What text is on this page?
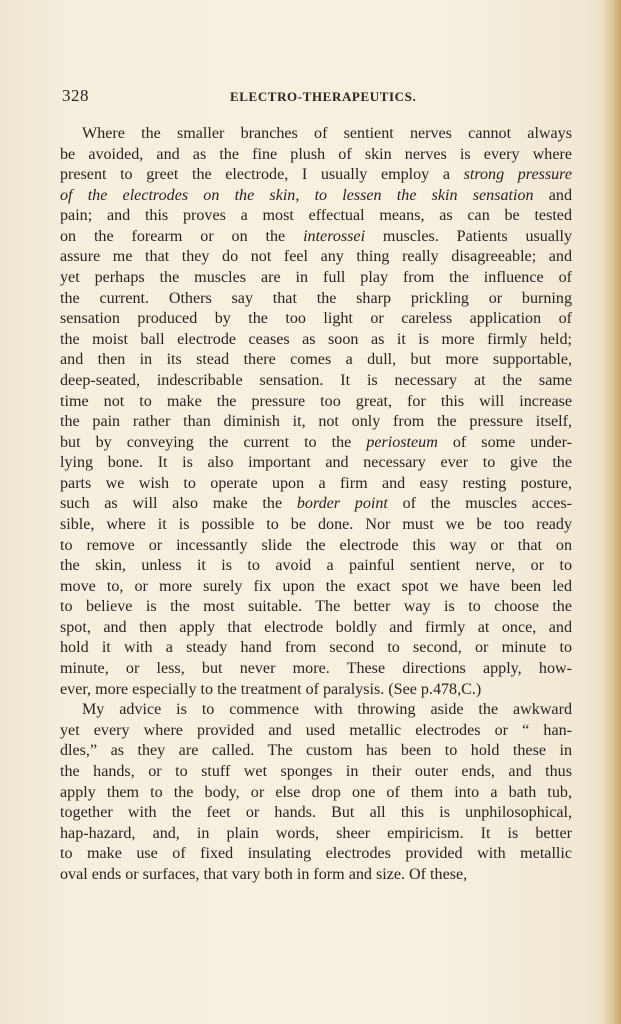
328	ELECTRO-THERAPEUTICS.
Where the smaller branches of sentient nerves cannot always
be avoided, and as the fine plush of skin nerves is every where
present to greet the electrode, I usually employ a strong pressure
of the electrodes on the skin, to lessen the skin sensation and
pain; and this proves a most effectual means, as can be tested
on the forearm or on the interossei muscles. Patients usually
assure me that they do not feel any thing really disagreeable; and
yet perhaps the muscles are in full play from the influence of
the current. Others say that the sharp prickling or burning
sensation produced by the too light or careless application of
the moist ball electrode ceases as soon as it is more firmly held;
and then in its stead there comes a dull, but more supportable,
deep-seated, indescribable sensation. It is necessary at the same
time not to make the pressure too great, for this will increase
the pain rather than diminish it, not only from the pressure itself,
but by conveying the current to the periosteum of some under-
lying bone. It is also important and necessary ever to give the
parts we wish to operate upon a firm and easy resting posture,
such as will also make the border point of the muscles acces-
sible, where it is possible to be done. Nor must we be too ready
to remove or incessantly slide the electrode this way or that on
the skin, unless it is to avoid a painful sentient nerve, or to
move to, or more surely fix upon the exact spot we have been led
to believe is the most suitable. The better way is to choose the
spot, and then apply that electrode boldly and firmly at once, and
hold it with a steady hand from second to second, or minute to
minute, or less, but never more. These directions apply, how-
ever, more especially to the treatment of paralysis. (See p.478,C.)
My advice is to commence with throwing aside the awkward
yet every where provided and used metallic electrodes or “ han-
dles,” as they are called. The custom has been to hold these in
the hands, or to stuff wet sponges in their outer ends, and thus
apply them to the body, or else drop one of them into a bath tub,
together with the feet or hands. But all this is unphilosophical,
hap-hazard, and, in plain words, sheer empiricism. It is better
to make use of fixed insulating electrodes provided with metallic
oval ends or surfaces, that vary both in form and size. Of these,
